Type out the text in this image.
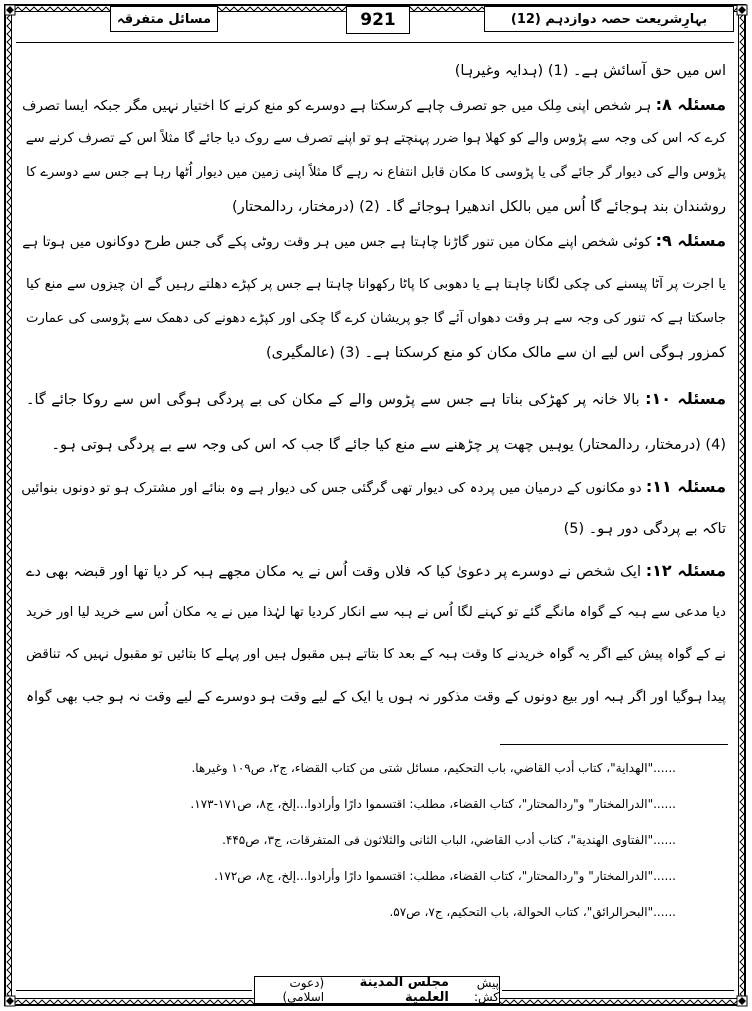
بہارِشریعت حصہ دوازدہم (12)
921
مسائل متفرقہ
اس میں حق آسائش ہے۔ (1) (ہدایہ وغیرہا)
مسئلہ ۸: ہر شخص اپنی مِلک میں جو تصرف چاہے کرسکتا ہے دوسرے کو منع کرنے کا اختیار نہیں مگر جبکہ ایسا تصرف
کرے کہ اس کی وجہ سے پڑوس والے کو کھلا ہوا ضرر پہنچتے ہو تو اپنے تصرف سے روک دیا جائے گا مثلاً اس کے تصرف کرنے سے
پڑوس والے کی دیوار گر جائے گی یا پڑوسی کا مکان قابل انتفاع نہ رہے گا مثلاً اپنی زمین میں دیوار اُٹھا رہا ہے جس سے دوسرے کا
روشندان بند ہوجائے گا اُس میں بالکل اندھیرا ہوجائے گا۔ (2) (درمختار، ردالمحتار)
مسئلہ ۹: کوئی شخص اپنے مکان میں تنور گاڑنا چاہتا ہے جس میں ہر وقت روٹی پکے گی جس طرح دوکانوں میں ہوتا ہے
یا اجرت پر آٹا پیسنے کی چکی لگانا چاہتا ہے یا دھوبی کا پاٹا رکھوانا چاہتا ہے جس پر کپڑے دھلتے رہیں گے ان چیزوں سے منع کیا
جاسکتا ہے کہ تنور کی وجہ سے ہر وقت دھواں آئے گا جو پریشان کرے گا چکی اور کپڑے دھونے کی دھمک سے پڑوسی کی عمارت
کمزور ہوگی اس لیے ان سے مالک مکان کو منع کرسکتا ہے۔ (3) (عالمگیری)
مسئلہ ۱۰: بالا خانہ پر کھڑکی بناتا ہے جس سے پڑوس والے کے مکان کی بے پردگی ہوگی اس سے روکا جائے گا۔
(4) (درمختار، ردالمحتار) یوہیں چھت پر چڑھنے سے منع کیا جائے گا جب کہ اس کی وجہ سے بے پردگی ہوتی ہو۔
مسئلہ ۱۱: دو مکانوں کے درمیان میں پردہ کی دیوار تھی گرگئی جس کی دیوار ہے وہ بنائے اور مشترک ہو تو دونوں بنوائیں
تاکہ بے پردگی دور ہو۔ (5)
مسئلہ ۱۲: ایک شخص نے دوسرے پر دعویٰ کیا کہ فلاں وقت اُس نے یہ مکان مجھے ہبہ کر دیا تھا اور قبضہ بھی دے
دیا مدعی سے ہبہ کے گواہ مانگے گئے تو کہنے لگا اُس نے ہبہ سے انکار کردیا تھا لہٰذا میں نے یہ مکان اُس سے خرید لیا اور خرید
نے کے گواہ پیش کیے اگر یہ گواہ خریدنے کا وقت ہبہ کے بعد کا بتاتے ہیں مقبول ہیں اور پہلے کا بتائیں تو مقبول نہیں کہ تناقض
پیدا ہوگیا اور اگر ہبہ اور بیع دونوں کے وقت مذکور نہ ہوں یا ایک کے لیے وقت ہو دوسرے کے لیے وقت نہ ہو جب بھی گواہ
......"الهداية"، كتاب أدب القاضي، باب التحكيم، مسائل شتى من كتاب القضاء، ج۲، ص۱۰۹ وغيرها.
......"الدرالمختار" و"ردالمحتار"، كتاب القضاء، مطلب: اقتسموا دارًا وأرادوا...إلخ، ج۸، ص۱۷۱-۱۷۳.
......"الفتاوى الهندية"، كتاب أدب القاضي، الباب الثانى والثلاثون فى المتفرقات، ج۳، ص۴۴۵.
......"الدرالمختار" و"ردالمحتار"، كتاب القضاء، مطلب: اقتسموا دارًا وأرادوا...إلخ، ج۸، ص۱۷۲.
......"البحرالرائق"، كتاب الحوالة، باب التحكيم، ج۷، ص۵۷.
پیش کش:
مجلس المدينة العلمية
(دعوت اسلامی)
